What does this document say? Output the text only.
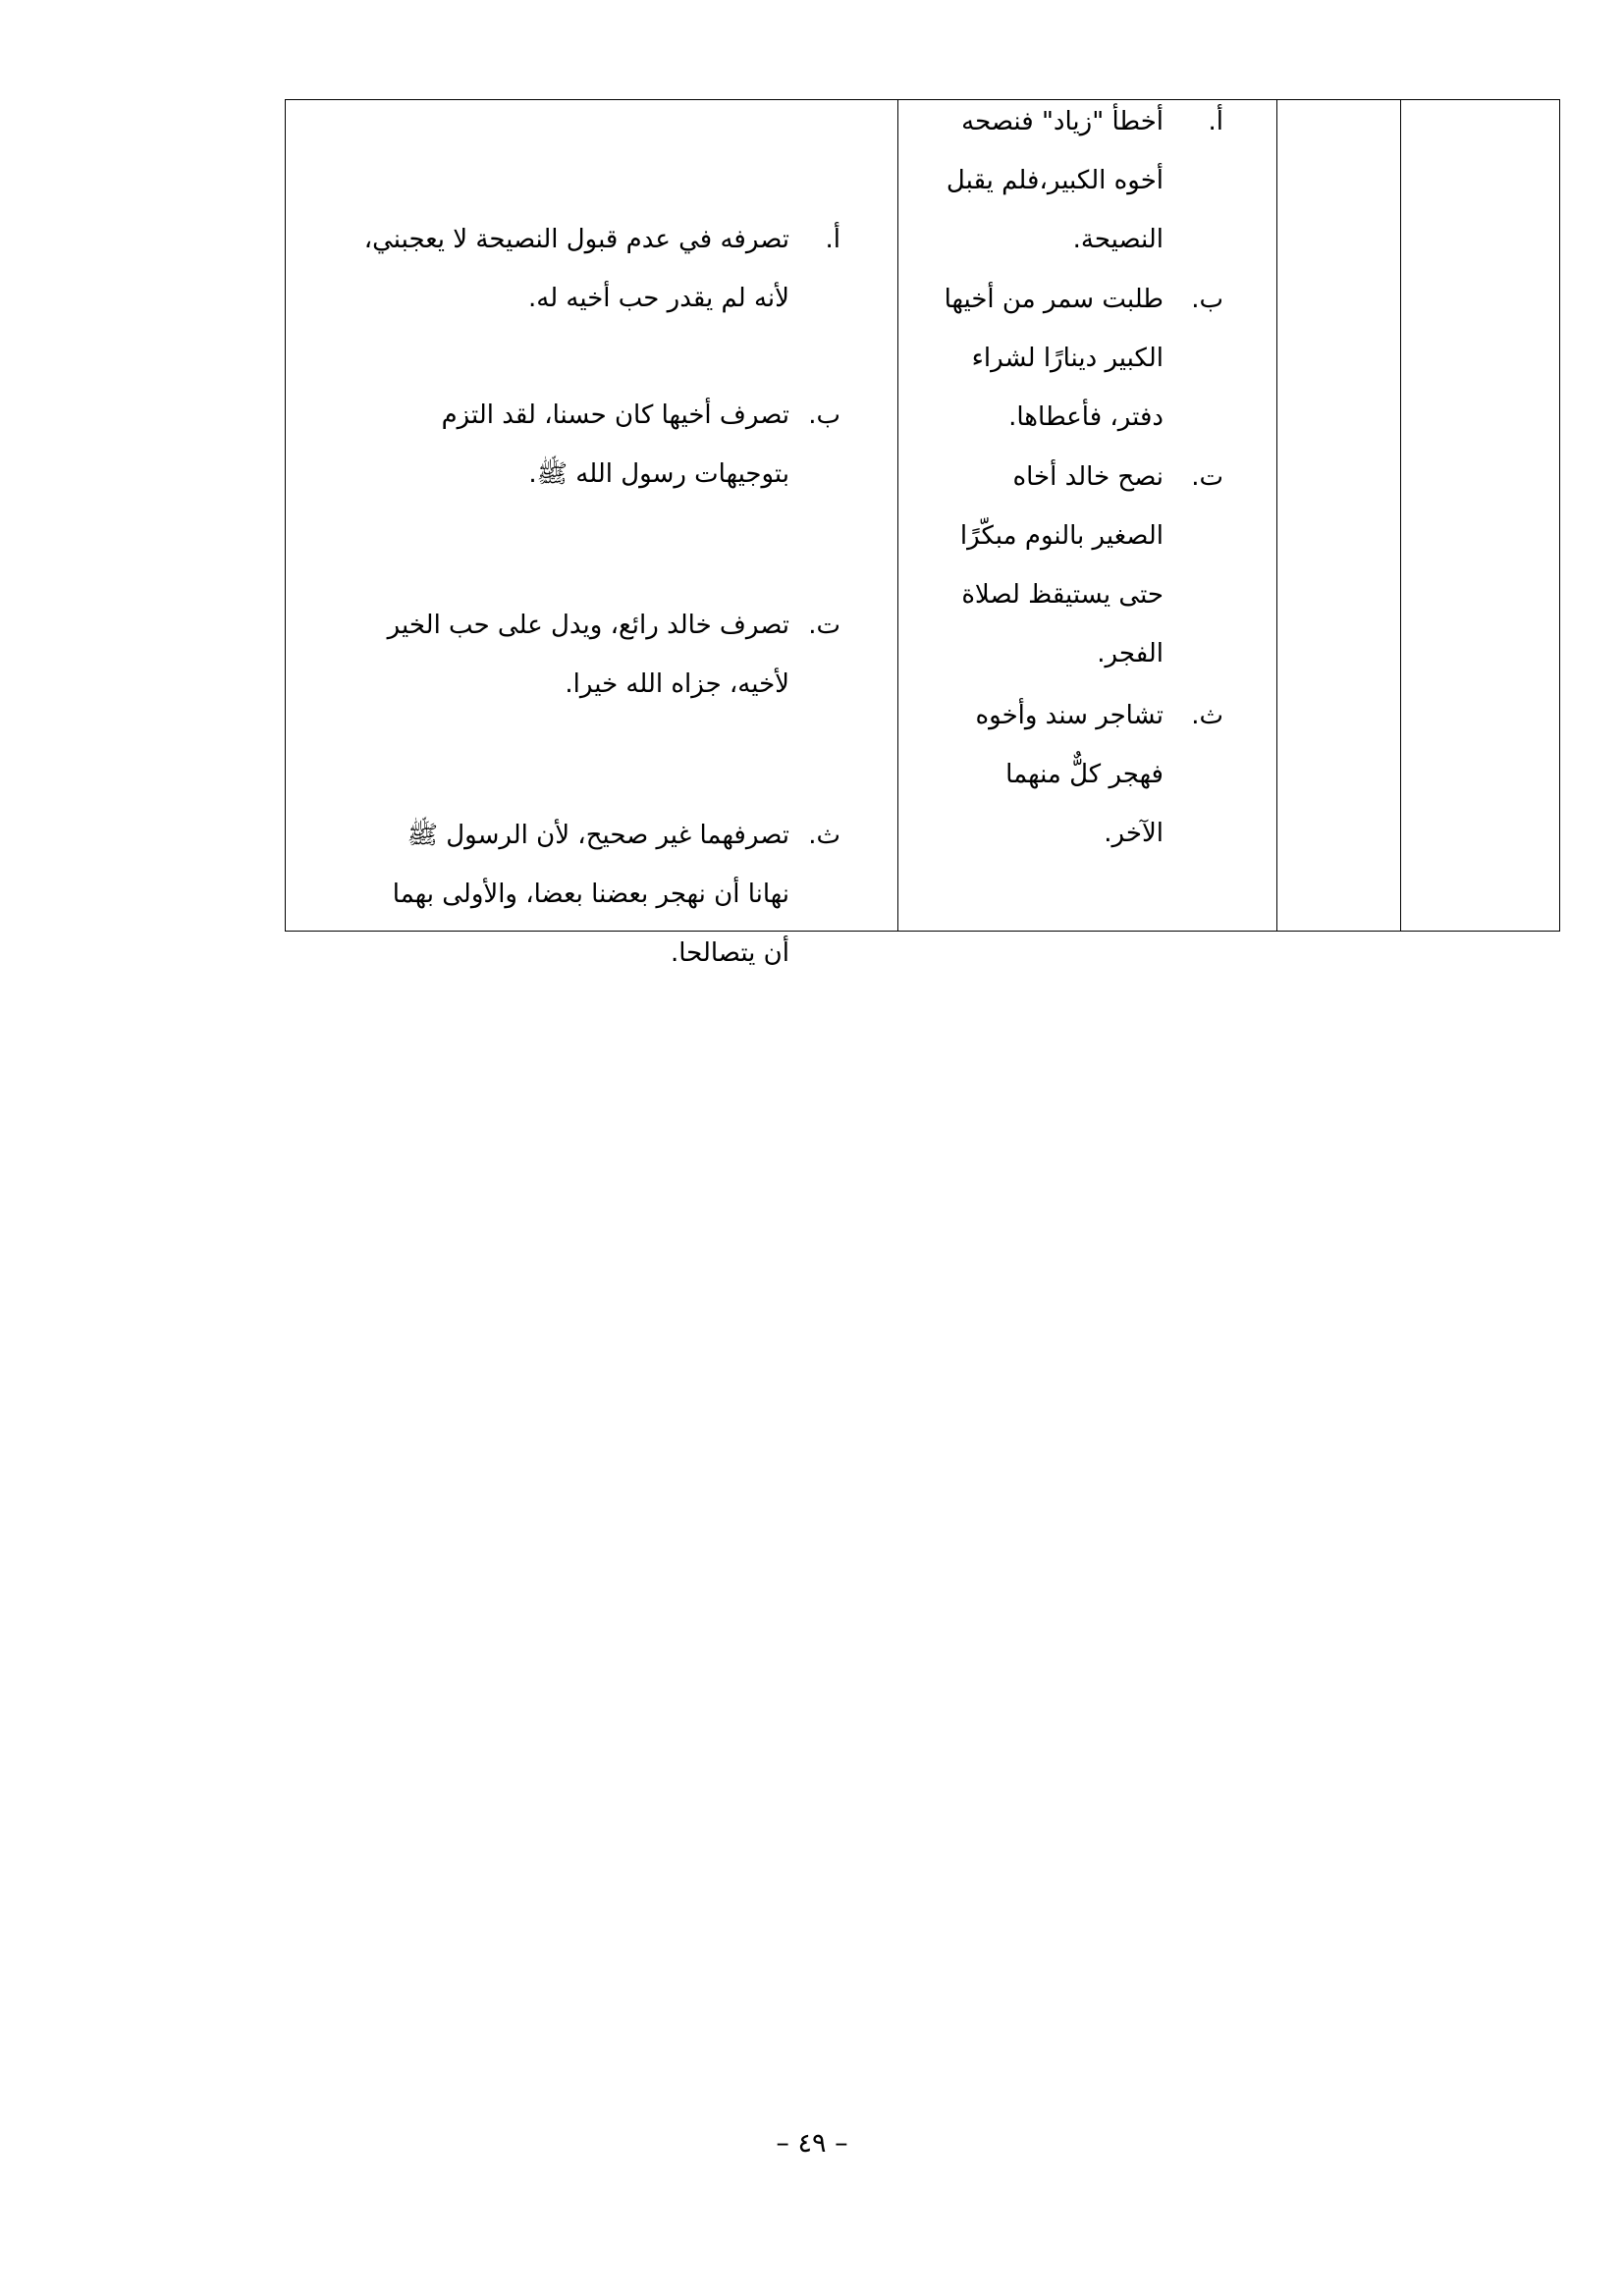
أ.
تصرفه في عدم قبول النصيحة لا يعجبني،
لأنه لم يقدر حب أخيه له.
ب.
تصرف أخيها كان حسنا، لقد التزم
بتوجيهات رسول الله ﷺ.
ت.
تصرف خالد رائع، ويدل على حب الخير
لأخيه، جزاه الله خيرا.
ث.
تصرفهما غير صحيح، لأن الرسول ﷺ
نهانا أن نهجر بعضنا بعضا، والأولى بهما
أن يتصالحا.

أ.
أخطأ "زياد" فنصحه
أخوه الكبير،فلم يقبل
النصيحة.
ب.
طلبت سمر من أخيها
الكبير دينارًا لشراء
دفتر، فأعطاها.
ت.
نصح خالد أخاه
الصغير بالنوم مبكّرًا
حتى يستيقظ لصلاة
الفجر.
ث.
تشاجر سند وأخوه
فهجر كلٌّ منهما
الآخر.

– ٤٩ –
